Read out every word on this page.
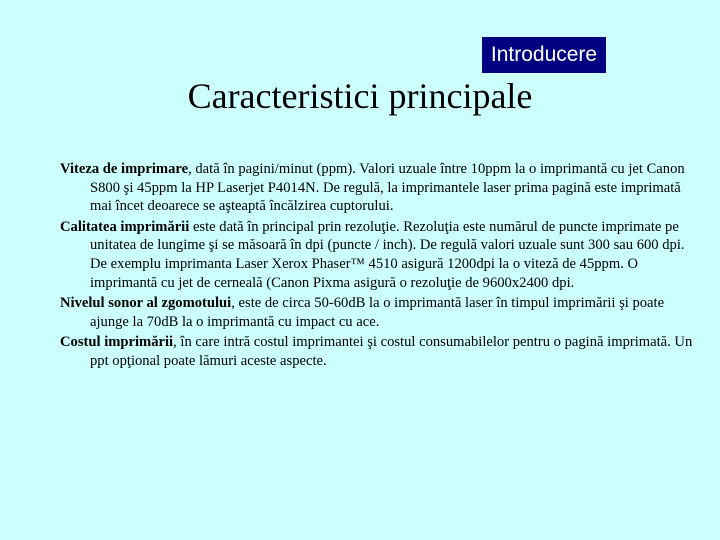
Introducere
Caracteristici principale

Viteza de imprimare, dată în pagini/minut (ppm). Valori uzuale între 10ppm la o imprimantă cu jet Canon S800 şi 45ppm la HP Laserjet P4014N. De regulă, la imprimantele laser prima pagină este imprimată mai încet deoarece se aşteaptă încălzirea cuptorului.

Calitatea imprimării este dată în principal prin rezoluţie. Rezoluţia este numărul de puncte imprimate pe unitatea de lungime şi se măsoară în dpi (puncte / inch). De regulă valori uzuale sunt 300 sau 600 dpi. De exemplu imprimanta Laser Xerox Phaser™ 4510 asigură 1200dpi la o viteză de 45ppm. O imprimantă cu jet de cerneală (Canon Pixma asigură o rezoluţie de 9600x2400 dpi.

Nivelul sonor al zgomotului, este de circa 50-60dB la o imprimantă laser în timpul imprimării şi poate ajunge la 70dB la o imprimantă cu impact cu ace.

Costul imprimării, în care intră costul imprimantei şi costul consumabilelor pentru o pagină imprimată. Un ppt opţional poate lămuri aceste aspecte.
